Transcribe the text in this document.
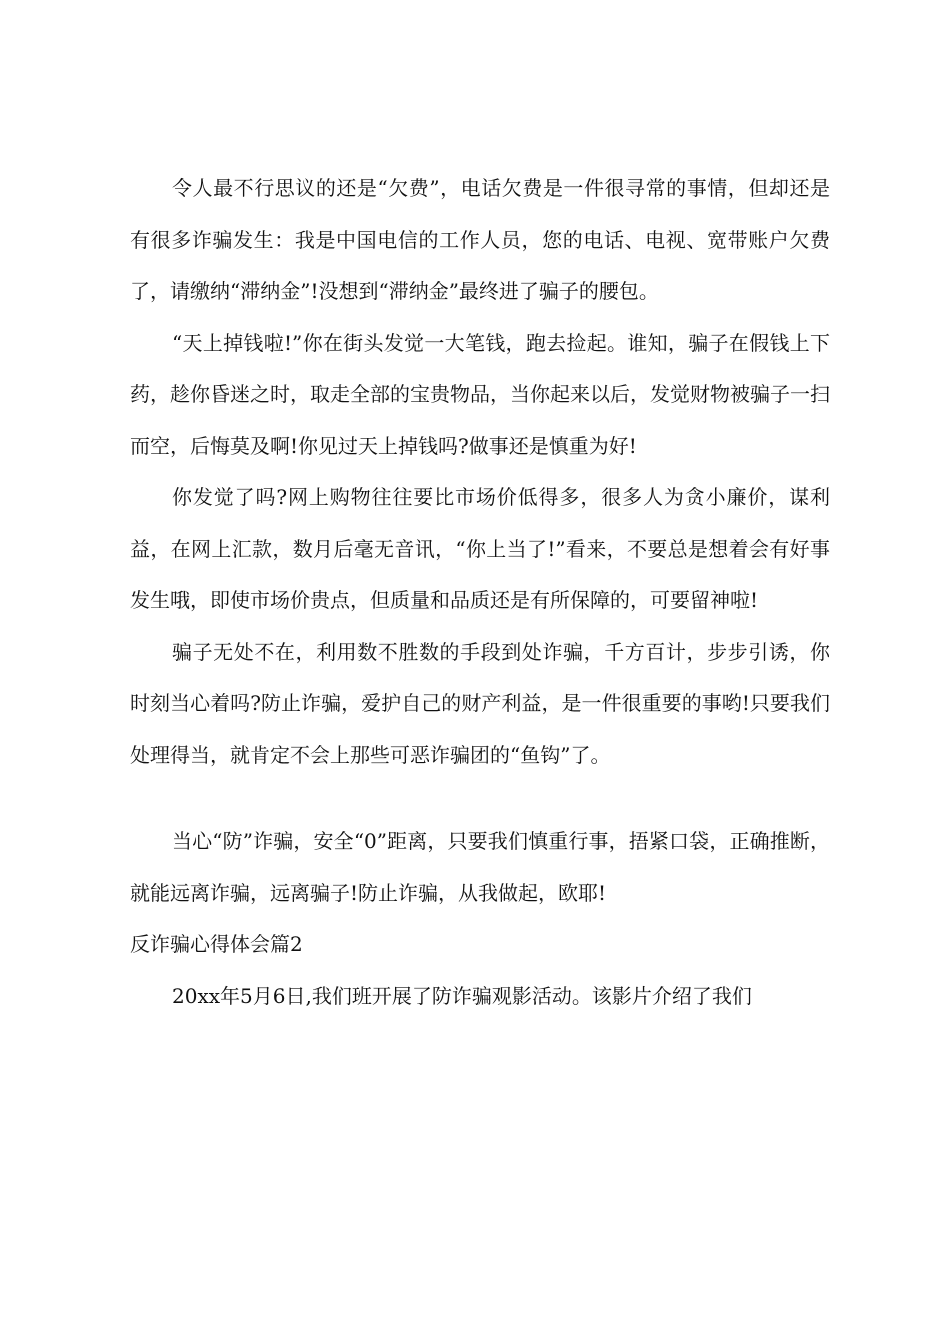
令人最不行思议的还是“欠费”，电话欠费是一件很寻常的事情，但却还是有很多诈骗发生：我是中国电信的工作人员，您的电话、电视、宽带账户欠费了，请缴纳“滞纳金”!没想到“滞纳金”最终进了骗子的腰包。

“天上掉钱啦!”你在街头发觉一大笔钱，跑去捡起。谁知，骗子在假钱上下药，趁你昏迷之时，取走全部的宝贵物品，当你起来以后，发觉财物被骗子一扫而空，后悔莫及啊!你见过天上掉钱吗?做事还是慎重为好!

你发觉了吗?网上购物往往要比市场价低得多，很多人为贪小廉价，谋利益，在网上汇款，数月后毫无音讯，“你上当了!”看来，不要总是想着会有好事发生哦，即使市场价贵点，但质量和品质还是有所保障的，可要留神啦!

骗子无处不在，利用数不胜数的手段到处诈骗，千方百计，步步引诱，你时刻当心着吗?防止诈骗，爱护自己的财产利益，是一件很重要的事哟!只要我们处理得当，就肯定不会上那些可恶诈骗团的“鱼钩”了。

当心“防”诈骗，安全“0”距离，只要我们慎重行事，捂紧口袋，正确推断，就能远离诈骗，远离骗子!防止诈骗，从我做起，欧耶!

反诈骗心得体会篇2

20xx年5月6日,我们班开展了防诈骗观影活动。该影片介绍了我们
